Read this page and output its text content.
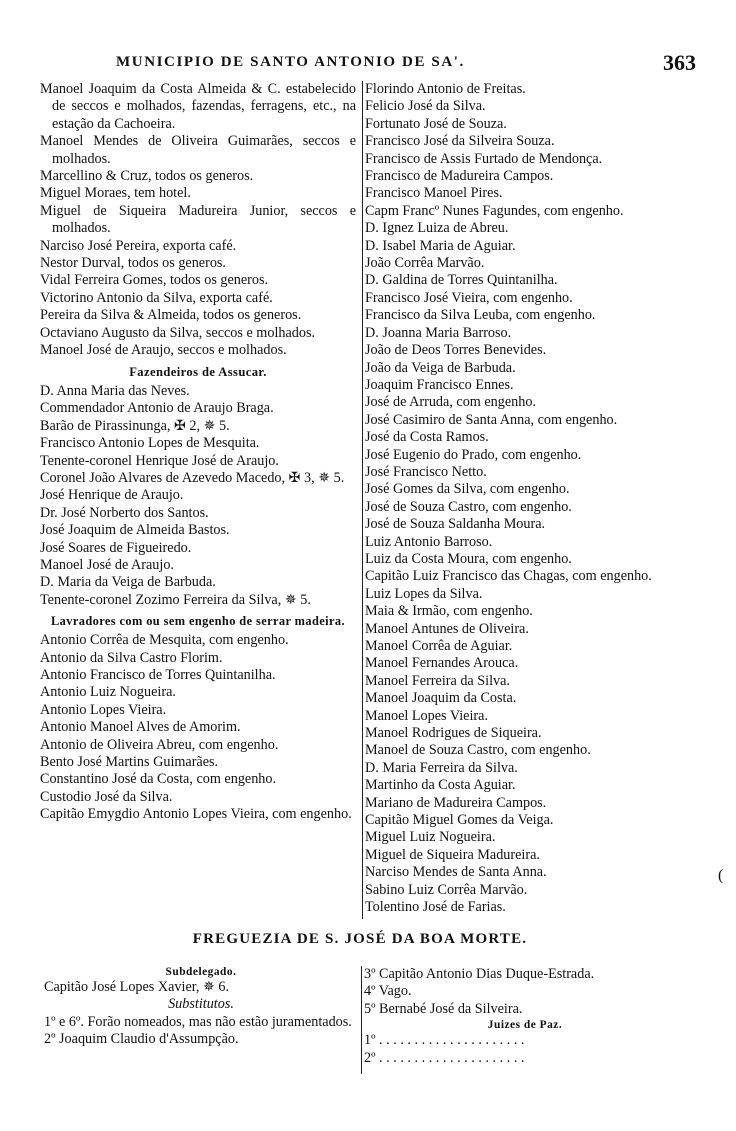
MUNICIPIO DE SANTO ANTONIO DE SA'.	363
Manoel Joaquim da Costa Almeida & C. estabelecido de seccos e molhados, fazendas, ferragens, etc., na estação da Cachoeira.
Manoel Mendes de Oliveira Guimarães, seccos e molhados.
Marcellino & Cruz, todos os generos.
Miguel Moraes, tem hotel.
Miguel de Siqueira Madureira Junior, seccos e molhados.
Narciso José Pereira, exporta café.
Nestor Durval, todos os generos.
Vidal Ferreira Gomes, todos os generos.
Victorino Antonio da Silva, exporta café.
Pereira da Silva & Almeida, todos os generos.
Octaviano Augusto da Silva, seccos e molhados.
Manoel José de Araujo, seccos e molhados.
Fazendeiros de Assucar.
D. Anna Maria das Neves.
Commendador Antonio de Araujo Braga.
Barão de Pirassinunga, ✠ 2, ✵ 5.
Francisco Antonio Lopes de Mesquita.
Tenente-coronel Henrique José de Araujo.
Coronel João Alvares de Azevedo Macedo, ✠ 3, ✵ 5.
José Henrique de Araujo.
Dr. José Norberto dos Santos.
José Joaquim de Almeida Bastos.
José Soares de Figueiredo.
Manoel José de Araujo.
D. Maria da Veiga de Barbuda.
Tenente-coronel Zozimo Ferreira da Silva, ✵ 5.
Lavradores com ou sem engenho de serrar madeira.
Antonio Corrêa de Mesquita, com engenho.
Antonio da Silva Castro Florim.
Antonio Francisco de Torres Quintanilha.
Antonio Luiz Nogueira.
Antonio Lopes Vieira.
Antonio Manoel Alves de Amorim.
Antonio de Oliveira Abreu, com engenho.
Bento José Martins Guimarães.
Constantino José da Costa, com engenho.
Custodio José da Silva.
Capitão Emygdio Antonio Lopes Vieira, com engenho.
Florindo Antonio de Freitas.
Felicio José da Silva.
Fortunato José de Souza.
Francisco José da Silveira Souza.
Francisco de Assis Furtado de Mendonça.
Francisco de Madureira Campos.
Francisco Manoel Pires.
Capm Francº Nunes Fagundes, com engenho.
D. Ignez Luiza de Abreu.
D. Isabel Maria de Aguiar.
João Corrêa Marvão.
D. Galdina de Torres Quintanilha.
Francisco José Vieira, com engenho.
Francisco da Silva Leuba, com engenho.
D. Joanna Maria Barroso.
João de Deos Torres Benevides.
João da Veiga de Barbuda.
Joaquim Francisco Ennes.
José de Arruda, com engenho.
José Casimiro de Santa Anna, com engenho.
José da Costa Ramos.
José Eugenio do Prado, com engenho.
José Francisco Netto.
José Gomes da Silva, com engenho.
José de Souza Castro, com engenho.
José de Souza Saldanha Moura.
Luiz Antonio Barroso.
Luiz da Costa Moura, com engenho.
Capitão Luiz Francisco das Chagas, com engenho.
Luiz Lopes da Silva.
Maia & Irmão, com engenho.
Manoel Antunes de Oliveira.
Manoel Corrêa de Aguiar.
Manoel Fernandes Arouca.
Manoel Ferreira da Silva.
Manoel Joaquim da Costa.
Manoel Lopes Vieira.
Manoel Rodrigues de Siqueira.
Manoel de Souza Castro, com engenho.
D. Maria Ferreira da Silva.
Martinho da Costa Aguiar.
Mariano de Madureira Campos.
Capitão Miguel Gomes da Veiga.
Miguel Luiz Nogueira.
Miguel de Siqueira Madureira.
Narciso Mendes de Santa Anna.
Sabino Luiz Corrêa Marvão.
Tolentino José de Farias.
(
FREGUEZIA DE S. JOSÉ DA BOA MORTE.
Subdelegado.
Capitão José Lopes Xavier, ✵ 6.
Substitutos.
1º e 6º. Forão nomeados, mas não estão juramentados.
2º Joaquim Claudio d'Assumpção.
3º Capitão Antonio Dias Duque-Estrada.
4º Vago.
5º Bernabé José da Silveira.
Juizes de Paz.
1º . . . . . . . . . . . . . . . . . . . . .
2º . . . . . . . . . . . . . . . . . . . . .
